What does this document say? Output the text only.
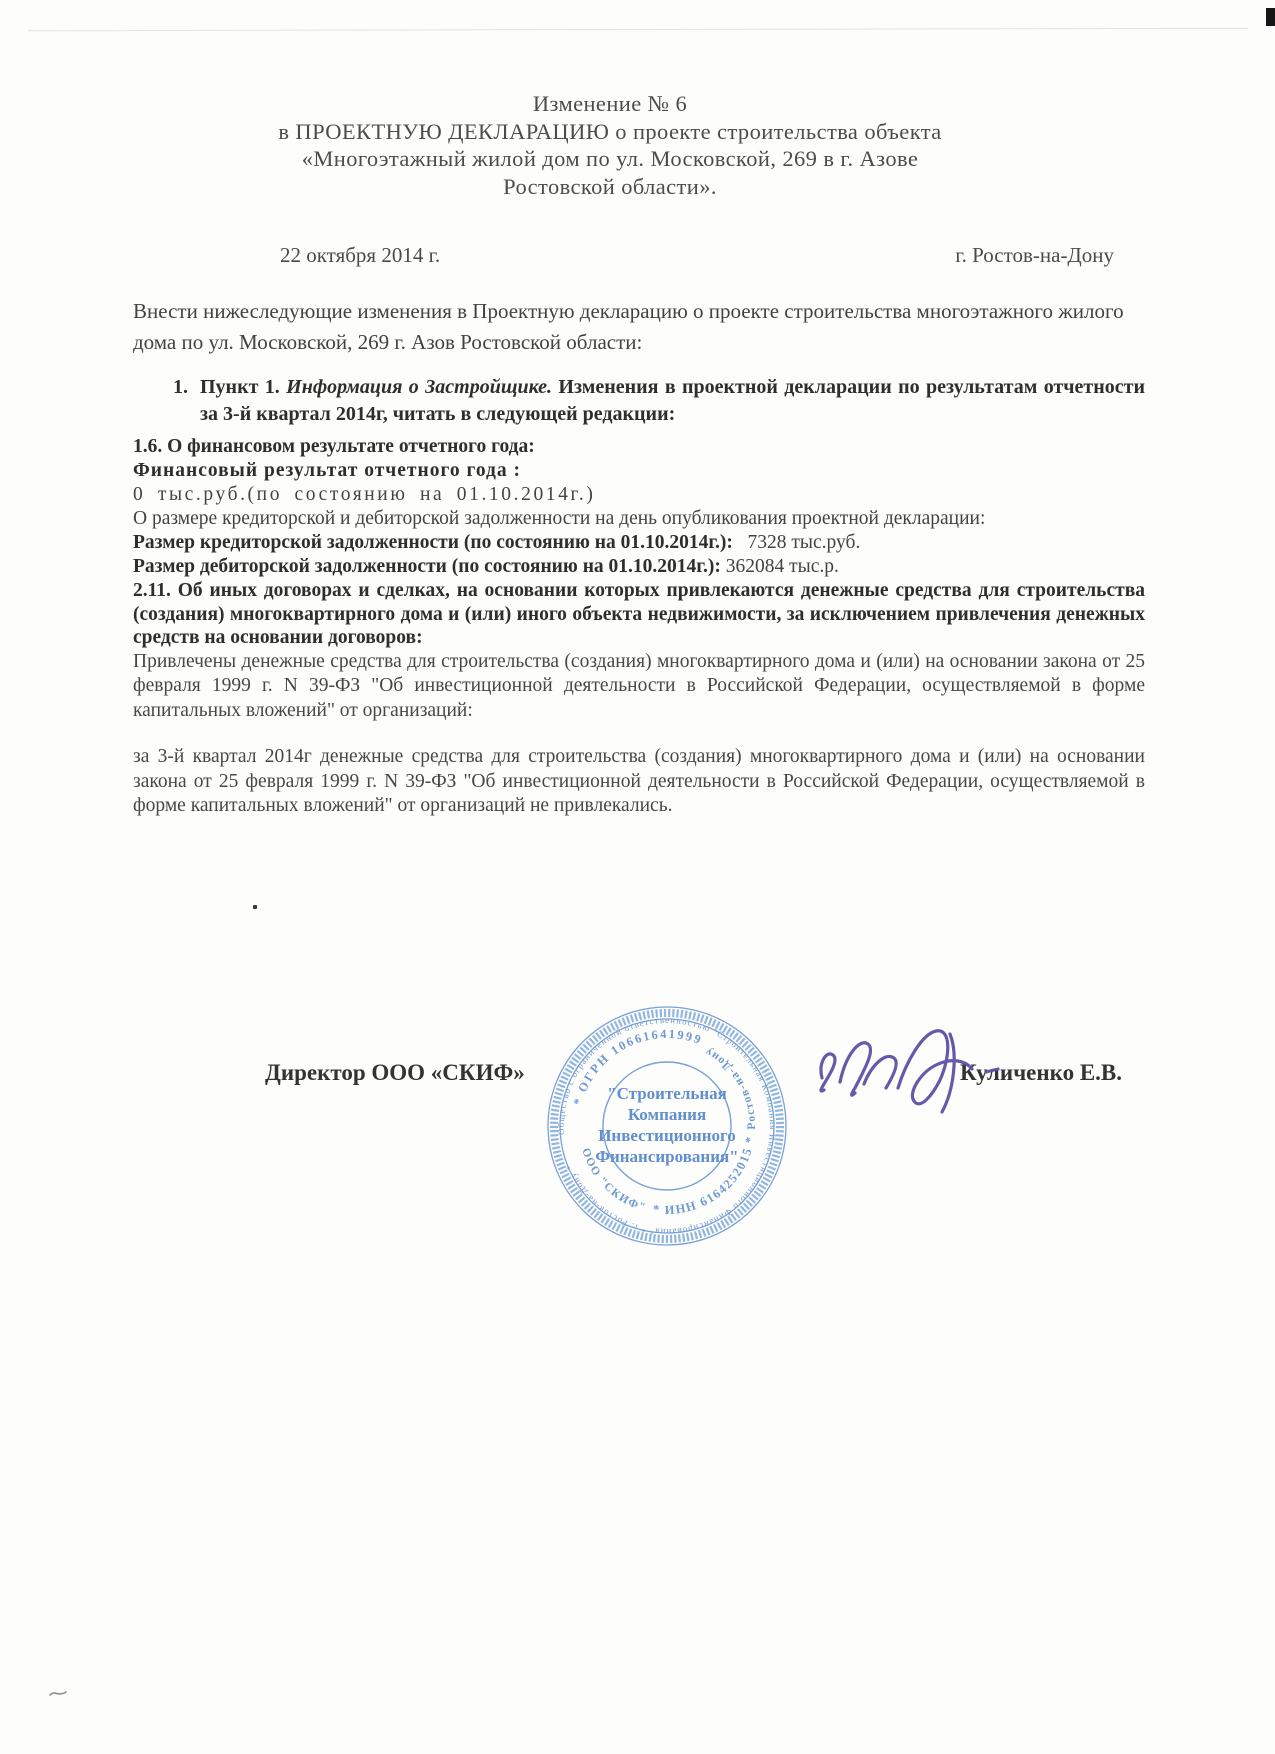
Изменение № 6
в ПРОЕКТНУЮ ДЕКЛАРАЦИЮ о проекте строительства объекта
«Многоэтажный жилой дом по ул. Московской, 269 в г. Азове
Ростовской области».
22 октября 2014 г.	г. Ростов-на-Дону
Внести нижеследующие изменения в Проектную декларацию о проекте строительства многоэтажного жилого дома по ул. Московской, 269 г. Азов Ростовской области:
1. Пункт 1. Информация о Застройщике. Изменения в проектной декларации по результатам отчетности за 3-й квартал 2014г, читать в следующей редакции:
1.6. О финансовом результате отчетного года:
Финансовый результат отчетного года :
0 тыс.руб.(по состоянию на 01.10.2014г.)
О размере кредиторской и дебиторской задолженности на день опубликования проектной декларации:
Размер кредиторской задолженности (по состоянию на 01.10.2014г.):   7328 тыс.руб.
Размер дебиторской задолженности (по состоянию на 01.10.2014г.): 362084 тыс.р.
2.11. Об иных договорах и сделках, на основании которых привлекаются денежные средства для строительства (создания) многоквартирного дома и (или) иного объекта недвижимости, за исключением привлечения денежных средств на основании договоров:
Привлечены денежные средства для строительства (создания) многоквартирного дома и (или) на основании закона от 25 февраля 1999 г. N 39-ФЗ "Об инвестиционной деятельности в Российской Федерации, осуществляемой в форме капитальных вложений" от организаций:
за 3-й квартал 2014г денежные средства для строительства (создания) многоквартирного дома и (или) на основании закона от 25 февраля 1999 г. N 39-ФЗ "Об инвестиционной деятельности в Российской Федерации, осуществляемой в форме капитальных вложений" от организаций не привлекались.
Директор ООО «СКИФ»	Куличенко Е.В.
Общество с ограниченной ответственностью "Строительная Компания Инвестиционного Финансирования" * г. Ростов-на-Дону *
* ОГРН 10661641999
ООО "СКИФ" * ИНН 6164252015 *
Ростов-на-Дону
"Строительная
Компания
Инвестиционного
Финансирования"
